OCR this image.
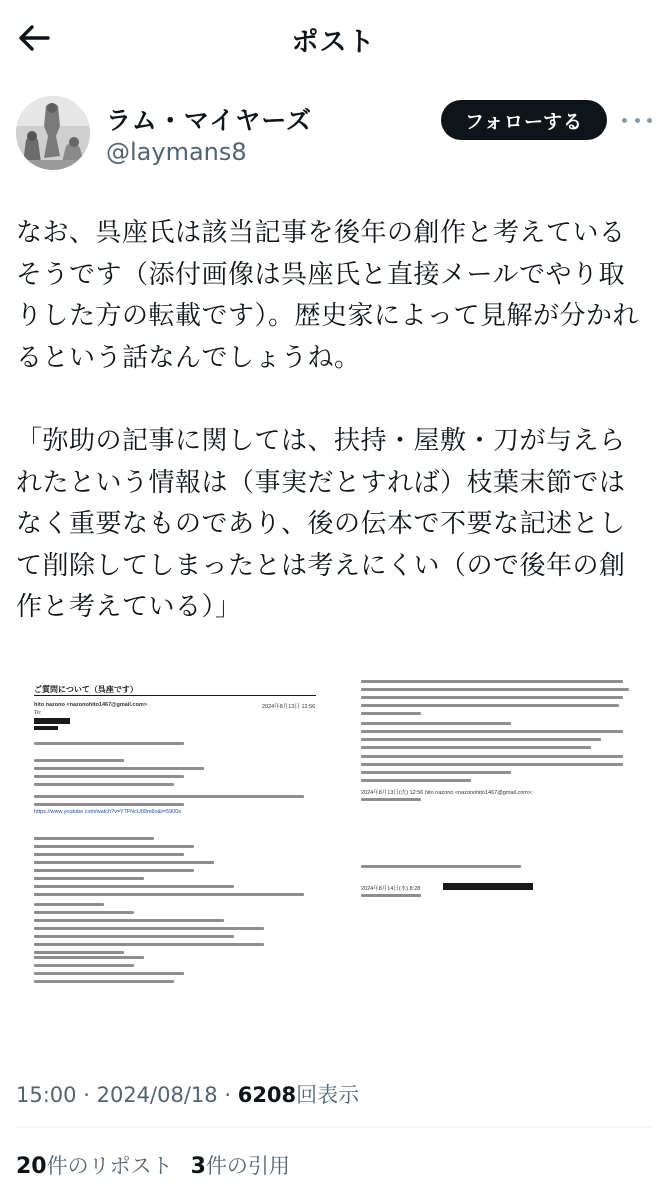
ポスト
ラム・マイヤーズ
@laymans8
フォローする
なお、呉座氏は該当記事を後年の創作と考えているそうです（添付画像は呉座氏と直接メールでやり取りした方の転載です）。歴史家によって見解が分かれるという話なんでしょうね。

「弥助の記事に関しては、扶持・屋敷・刀が与えられたという情報は（事実だとすれば）枝葉末節ではなく重要なものであり、後の伝本で不要な記述として削除してしまったとは考えにくい（ので後年の創作と考えている）」
ご質問について（呉座です）
hito nazono <nazonohito1467@gmail.com>	2024年8月13日 12:56
To:
https://www.youtube.com/watch?v=Y7FNcU09m6o&t=5900s
2024年8月13日(火) 12:56 hito nazono <nazonohito1467@gmail.com>:
2024年8月14日(水) 8:28
15:00 · 2024/08/18 · 6208回表示
20件のリポスト 3件の引用
